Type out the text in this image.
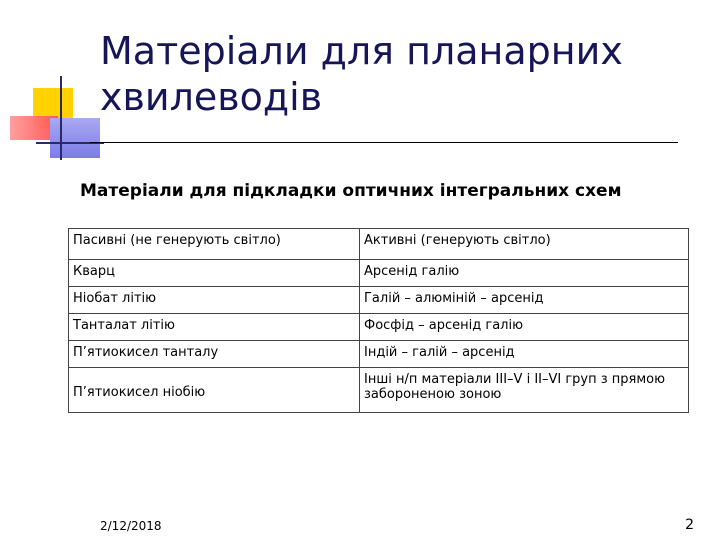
Матеріали для планарних
хвилеводів
Матеріали для підкладки оптичних інтегральних схем
Пасивні (не генерують світло)	Активні (генерують світло)
Кварц	Арсенід галію
Ніобат літію	Галій – алюміній – арсенід
Танталат літію	Фосфід – арсенід галію
П’ятиокисел танталу	Індій – галій – арсенід
П’ятиокисел ніобію	Інші н/п матеріали III–V і II–VI груп з прямою забороненою зоною
2/12/2018	2
